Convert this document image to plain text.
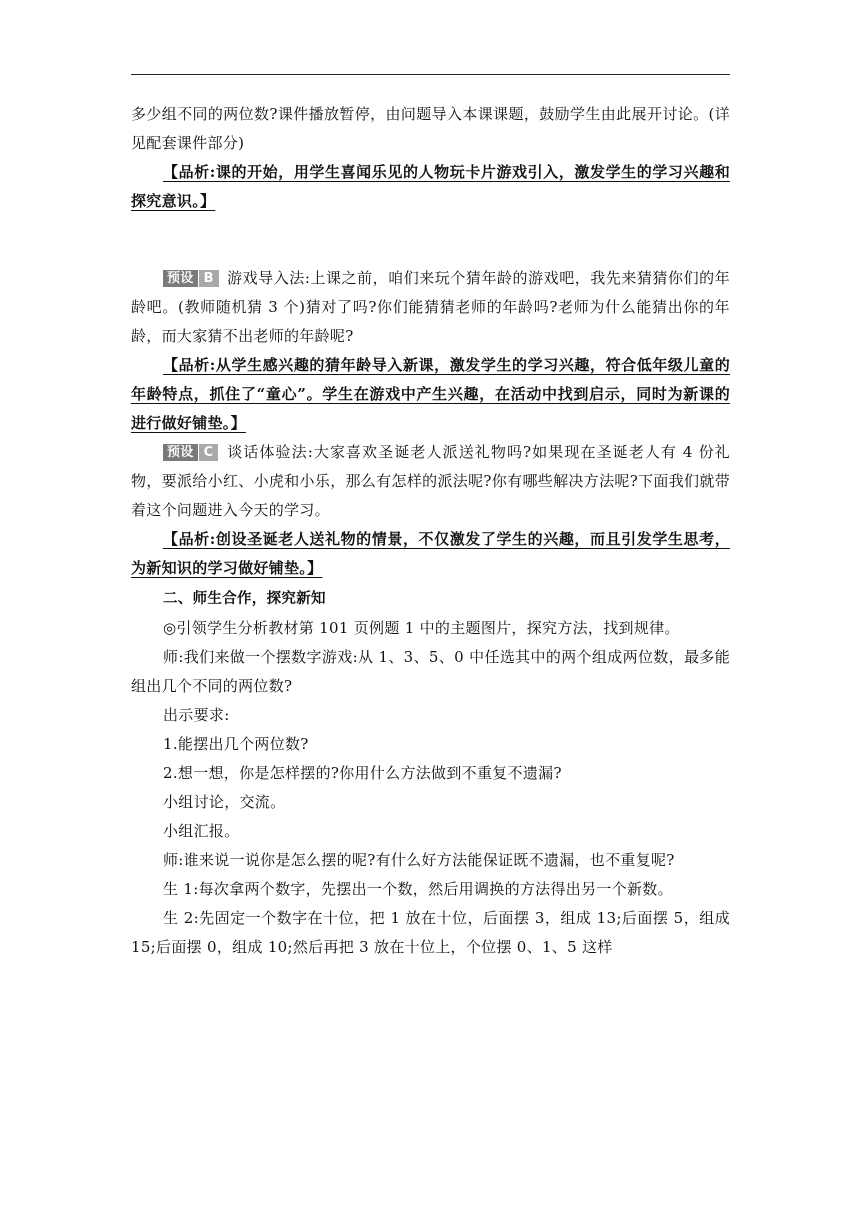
多少组不同的两位数?课件播放暂停，由问题导入本课课题，鼓励学生由此展开讨论。(详见配套课件部分)

【品析:课的开始，用学生喜闻乐见的人物玩卡片游戏引入，激发学生的学习兴趣和探究意识。】

预设 B 游戏导入法:上课之前，咱们来玩个猜年龄的游戏吧，我先来猜猜你们的年龄吧。(教师随机猜 3 个)猜对了吗?你们能猜猜老师的年龄吗?老师为什么能猜出你的年龄，而大家猜不出老师的年龄呢?

【品析:从学生感兴趣的猜年龄导入新课，激发学生的学习兴趣，符合低年级儿童的年龄特点，抓住了“童心”。学生在游戏中产生兴趣，在活动中找到启示，同时为新课的进行做好铺垫。】

预设 C 谈话体验法:大家喜欢圣诞老人派送礼物吗?如果现在圣诞老人有 4 份礼物，要派给小红、小虎和小乐，那么有怎样的派法呢?你有哪些解决方法呢?下面我们就带着这个问题进入今天的学习。

【品析:创设圣诞老人送礼物的情景，不仅激发了学生的兴趣，而且引发学生思考，为新知识的学习做好铺垫。】

二、师生合作，探究新知

◎引领学生分析教材第 101 页例题 1 中的主题图片，探究方法，找到规律。

师:我们来做一个摆数字游戏:从 1、3、5、0 中任选其中的两个组成两位数，最多能组出几个不同的两位数?

出示要求:

1.能摆出几个两位数?

2.想一想，你是怎样摆的?你用什么方法做到不重复不遗漏?

小组讨论，交流。

小组汇报。

师:谁来说一说你是怎么摆的呢?有什么好方法能保证既不遗漏，也不重复呢?

生 1:每次拿两个数字，先摆出一个数，然后用调换的方法得出另一个新数。

生 2:先固定一个数字在十位，把 1 放在十位，后面摆 3，组成 13;后面摆 5，组成 15;后面摆 0，组成 10;然后再把 3 放在十位上，个位摆 0、1、5 这样
